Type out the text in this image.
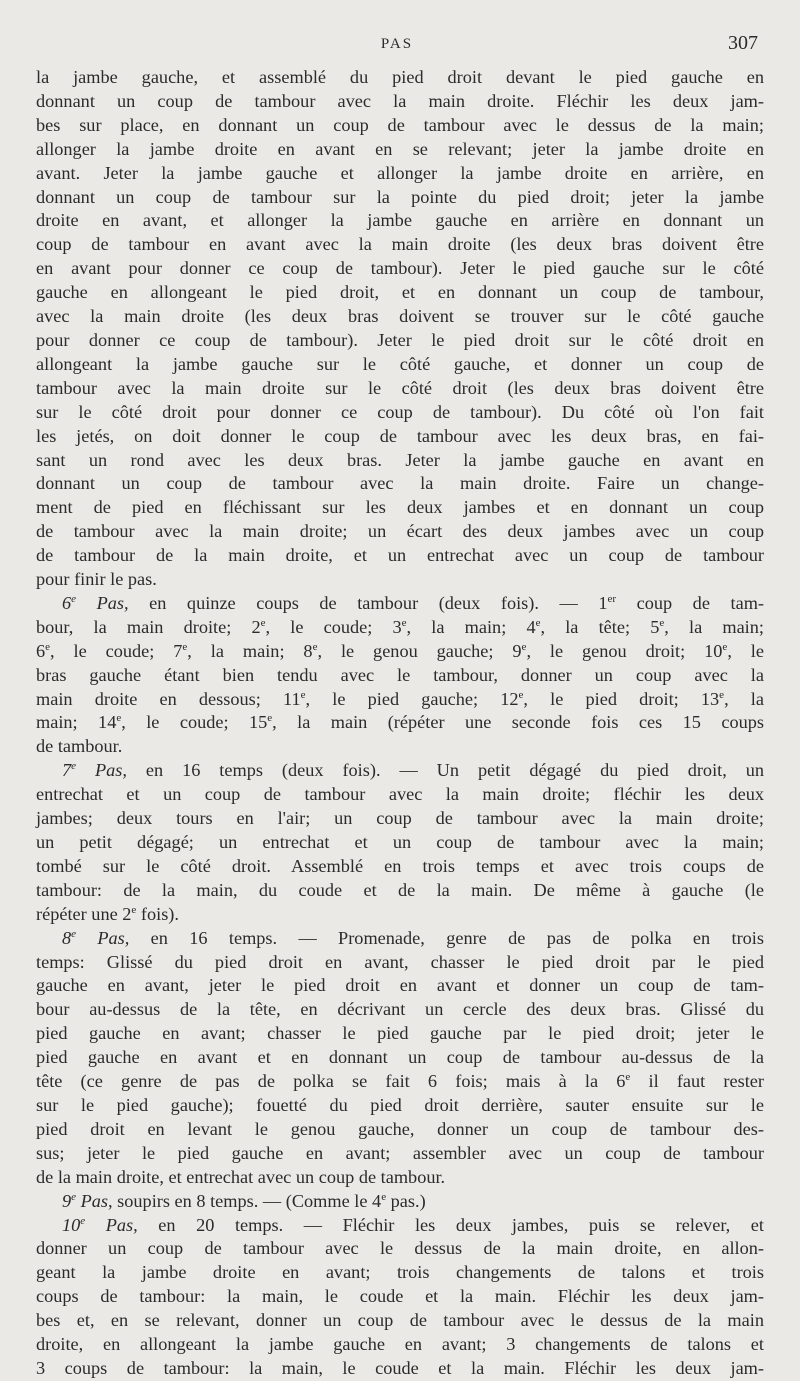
PAS	307
la jambe gauche, et assemblé du pied droit devant le pied gauche en
donnant un coup de tambour avec la main droite. Fléchir les deux jam-
bes sur place, en donnant un coup de tambour avec le dessus de la main;
allonger la jambe droite en avant en se relevant; jeter la jambe droite en
avant. Jeter la jambe gauche et allonger la jambe droite en arrière, en
donnant un coup de tambour sur la pointe du pied droit; jeter la jambe
droite en avant, et allonger la jambe gauche en arrière en donnant un
coup de tambour en avant avec la main droite (les deux bras doivent être
en avant pour donner ce coup de tambour). Jeter le pied gauche sur le côté
gauche en allongeant le pied droit, et en donnant un coup de tambour,
avec la main droite (les deux bras doivent se trouver sur le côté gauche
pour donner ce coup de tambour). Jeter le pied droit sur le côté droit en
allongeant la jambe gauche sur le côté gauche, et donner un coup de
tambour avec la main droite sur le côté droit (les deux bras doivent être
sur le côté droit pour donner ce coup de tambour). Du côté où l'on fait
les jetés, on doit donner le coup de tambour avec les deux bras, en fai-
sant un rond avec les deux bras. Jeter la jambe gauche en avant en
donnant un coup de tambour avec la main droite. Faire un change-
ment de pied en fléchissant sur les deux jambes et en donnant un coup
de tambour avec la main droite; un écart des deux jambes avec un coup
de tambour de la main droite, et un entrechat avec un coup de tambour
pour finir le pas.
6e Pas, en quinze coups de tambour (deux fois). — 1er coup de tam-
bour, la main droite; 2e, le coude; 3e, la main; 4e, la tête; 5e, la main;
6e, le coude; 7e, la main; 8e, le genou gauche; 9e, le genou droit; 10e, le
bras gauche étant bien tendu avec le tambour, donner un coup avec la
main droite en dessous; 11e, le pied gauche; 12e, le pied droit; 13e, la
main; 14e, le coude; 15e, la main (répéter une seconde fois ces 15 coups
de tambour.
7e Pas, en 16 temps (deux fois). — Un petit dégagé du pied droit, un
entrechat et un coup de tambour avec la main droite; fléchir les deux
jambes; deux tours en l'air; un coup de tambour avec la main droite;
un petit dégagé; un entrechat et un coup de tambour avec la main;
tombé sur le côté droit. Assemblé en trois temps et avec trois coups de
tambour: de la main, du coude et de la main. De même à gauche (le
répéter une 2e fois).
8e Pas, en 16 temps. — Promenade, genre de pas de polka en trois
temps: Glissé du pied droit en avant, chasser le pied droit par le pied
gauche en avant, jeter le pied droit en avant et donner un coup de tam-
bour au-dessus de la tête, en décrivant un cercle des deux bras. Glissé du
pied gauche en avant; chasser le pied gauche par le pied droit; jeter le
pied gauche en avant et en donnant un coup de tambour au-dessus de la
tête (ce genre de pas de polka se fait 6 fois; mais à la 6e il faut rester
sur le pied gauche); fouetté du pied droit derrière, sauter ensuite sur le
pied droit en levant le genou gauche, donner un coup de tambour des-
sus; jeter le pied gauche en avant; assembler avec un coup de tambour
de la main droite, et entrechat avec un coup de tambour.
9e Pas, soupirs en 8 temps. — (Comme le 4e pas.)
10e Pas, en 20 temps. — Fléchir les deux jambes, puis se relever, et
donner un coup de tambour avec le dessus de la main droite, en allon-
geant la jambe droite en avant; trois changements de talons et trois
coups de tambour: la main, le coude et la main. Fléchir les deux jam-
bes et, en se relevant, donner un coup de tambour avec le dessus de la main
droite, en allongeant la jambe gauche en avant; 3 changements de talons et
3 coups de tambour: la main, le coude et la main. Fléchir les deux jam-
